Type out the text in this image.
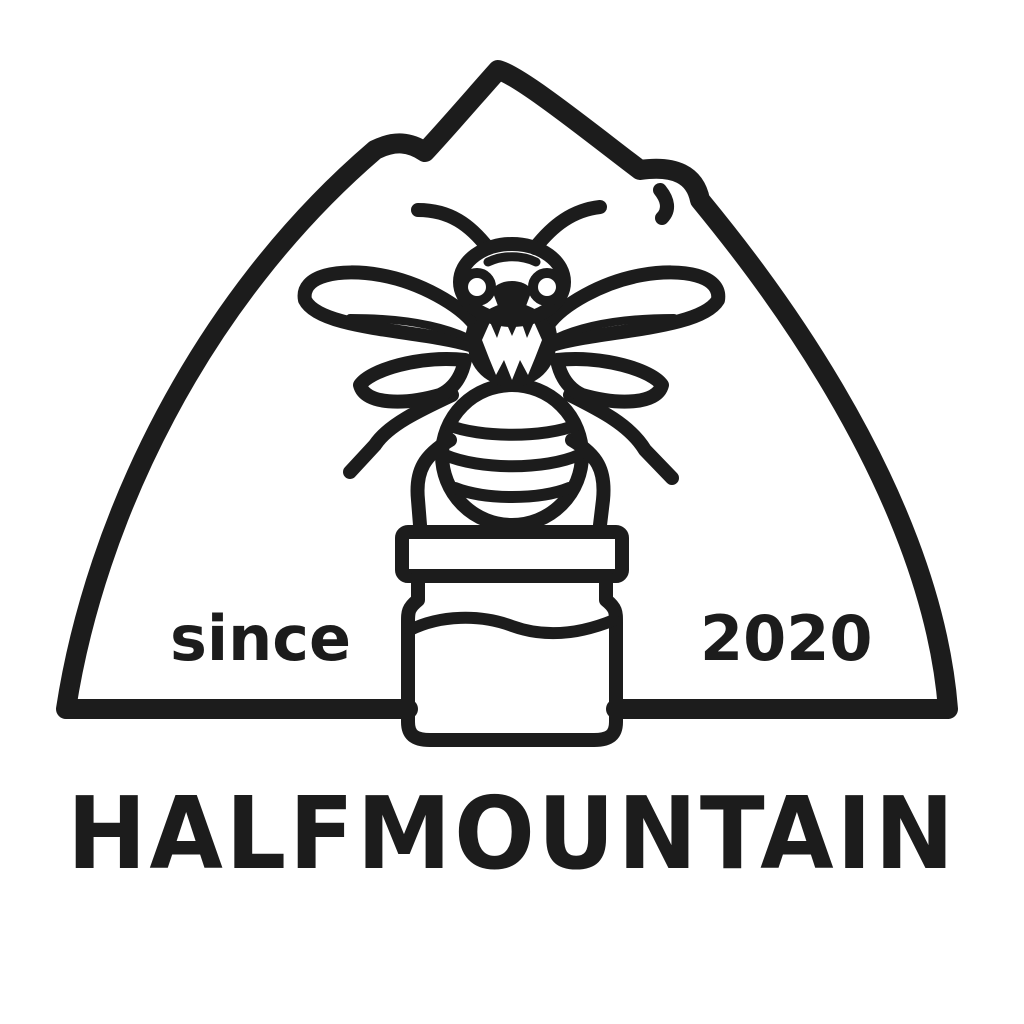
since	2020
HALFMOUNTAIN
